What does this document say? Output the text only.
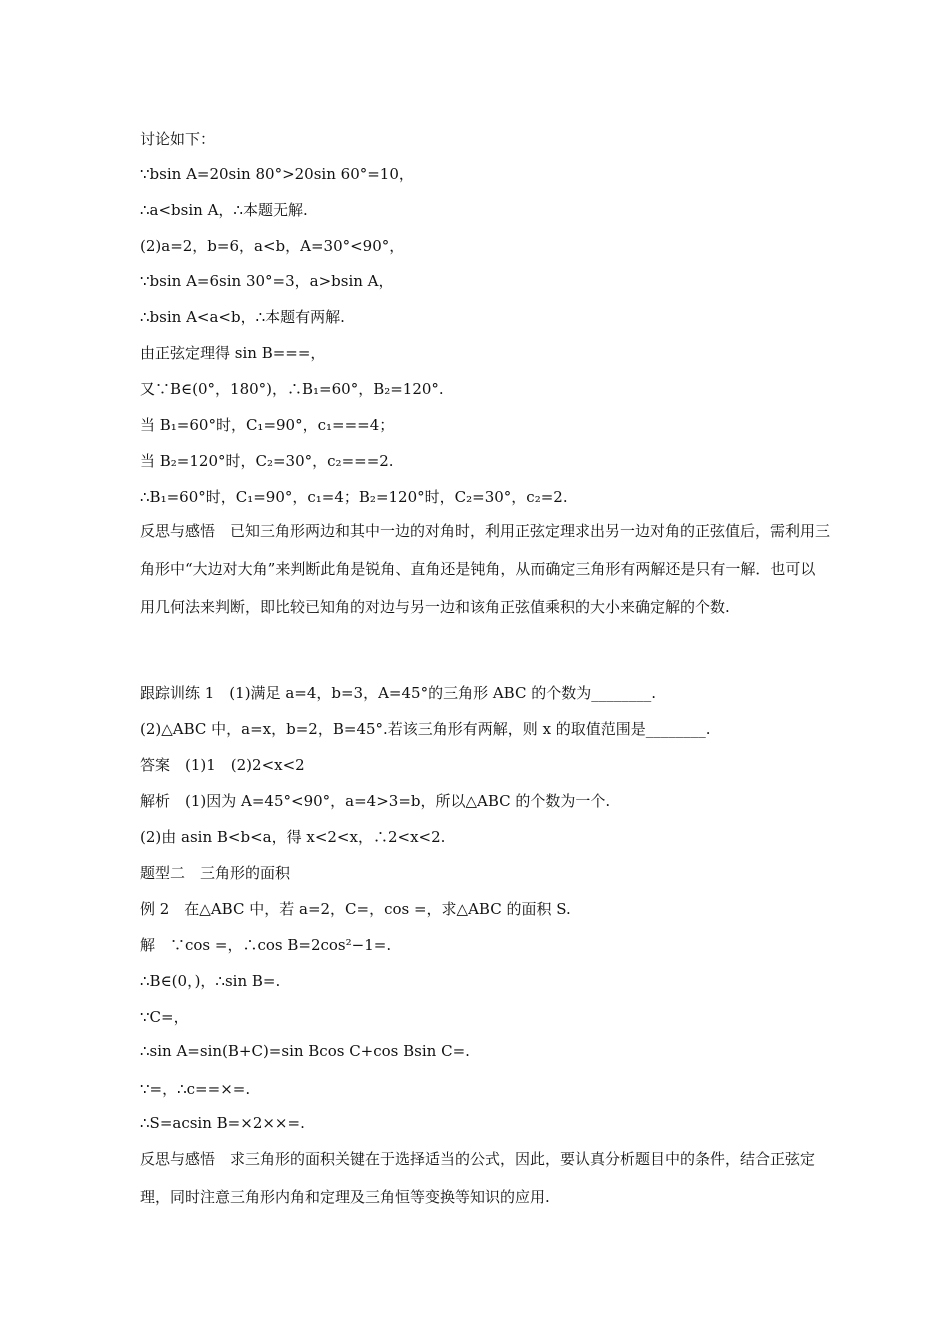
讨论如下：
∵bsin A=20sin 80°>20sin 60°=10，
∴a<bsin A，∴本题无解.
(2)a=2，b=6，a<b，A=30°<90°，
∵bsin A=6sin 30°=3，a>bsin A，
∴bsin A<a<b，∴本题有两解.
由正弦定理得 sin B===，
又∵B∈(0°，180°)，∴B₁=60°，B₂=120°.
当 B₁=60°时，C₁=90°，c₁===4；
当 B₂=120°时，C₂=30°，c₂===2.
∴B₁=60°时，C₁=90°，c₁=4；B₂=120°时，C₂=30°，c₂=2.
反思与感悟　已知三角形两边和其中一边的对角时，利用正弦定理求出另一边对角的正弦值后，需利用三角形中“大边对大角”来判断此角是锐角、直角还是钝角，从而确定三角形有两解还是只有一解．也可以用几何法来判断，即比较已知角的对边与另一边和该角正弦值乘积的大小来确定解的个数.
跟踪训练 1　(1)满足 a=4，b=3，A=45°的三角形 ABC 的个数为________.
(2)△ABC 中，a=x，b=2，B=45°.若该三角形有两解，则 x 的取值范围是________.
答案　(1)1　(2)2<x<2
解析　(1)因为 A=45°<90°，a=4>3=b，所以△ABC 的个数为一个.
(2)由 asin B<b<a，得 x<2<x，∴2<x<2.
题型二　三角形的面积
例 2　在△ABC 中，若 a=2，C=，cos =，求△ABC 的面积 S.
解　∵cos =，∴cos B=2cos²−1=.
∴B∈(0，)，∴sin B=.
∵C=，
∴sin A=sin(B+C)=sin Bcos C+cos Bsin C=.
∵=，∴c==×=.
∴S=acsin B=×2××=.
反思与感悟　求三角形的面积关键在于选择适当的公式，因此，要认真分析题目中的条件，结合正弦定理，同时注意三角形内角和定理及三角恒等变换等知识的应用.
